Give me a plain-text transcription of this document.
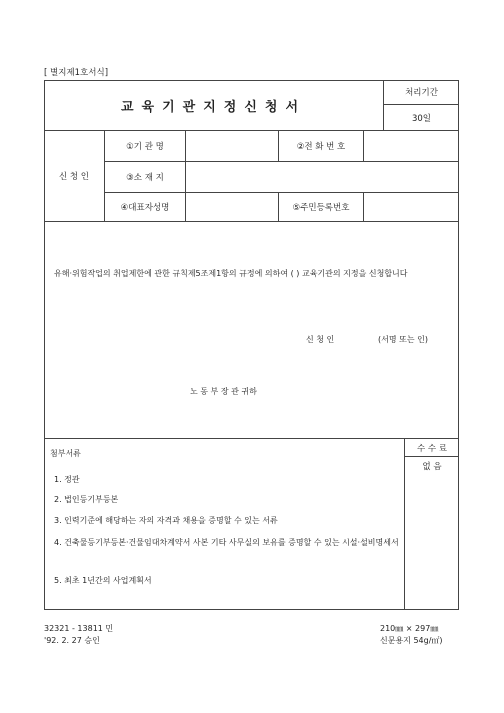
[ 별지제1호서식]
교육기관지정신청서
처리기간
30일
신 청 인
①기 관 명	②전 화 번 호
③소 재 지
④대표자성명	⑤주민등록번호
유해·위험작업의 취업제한에 관한 규칙제5조제1항의 규정에 의하여 ( ) 교육기관의 지정을 신청합니다
신 청 인	(서명 또는 인)
노 동 부 장 관 귀하
수 수 료
없 음
첨부서류
1. 정관
2. 법인등기부등본
3. 인력기준에 해당하는 자의 자격과 채용을 증명할 수 있는 서류
4. 건축물등기부등본·건물임대차계약서 사본 기타 사무실의 보유를 증명할 수 있는 시설·설비명세서
5. 최초 1년간의 사업계획서
32321 - 13811 민
'92. 2. 27 승인
210㎜ × 297㎜
신문용지 54g/㎡)
